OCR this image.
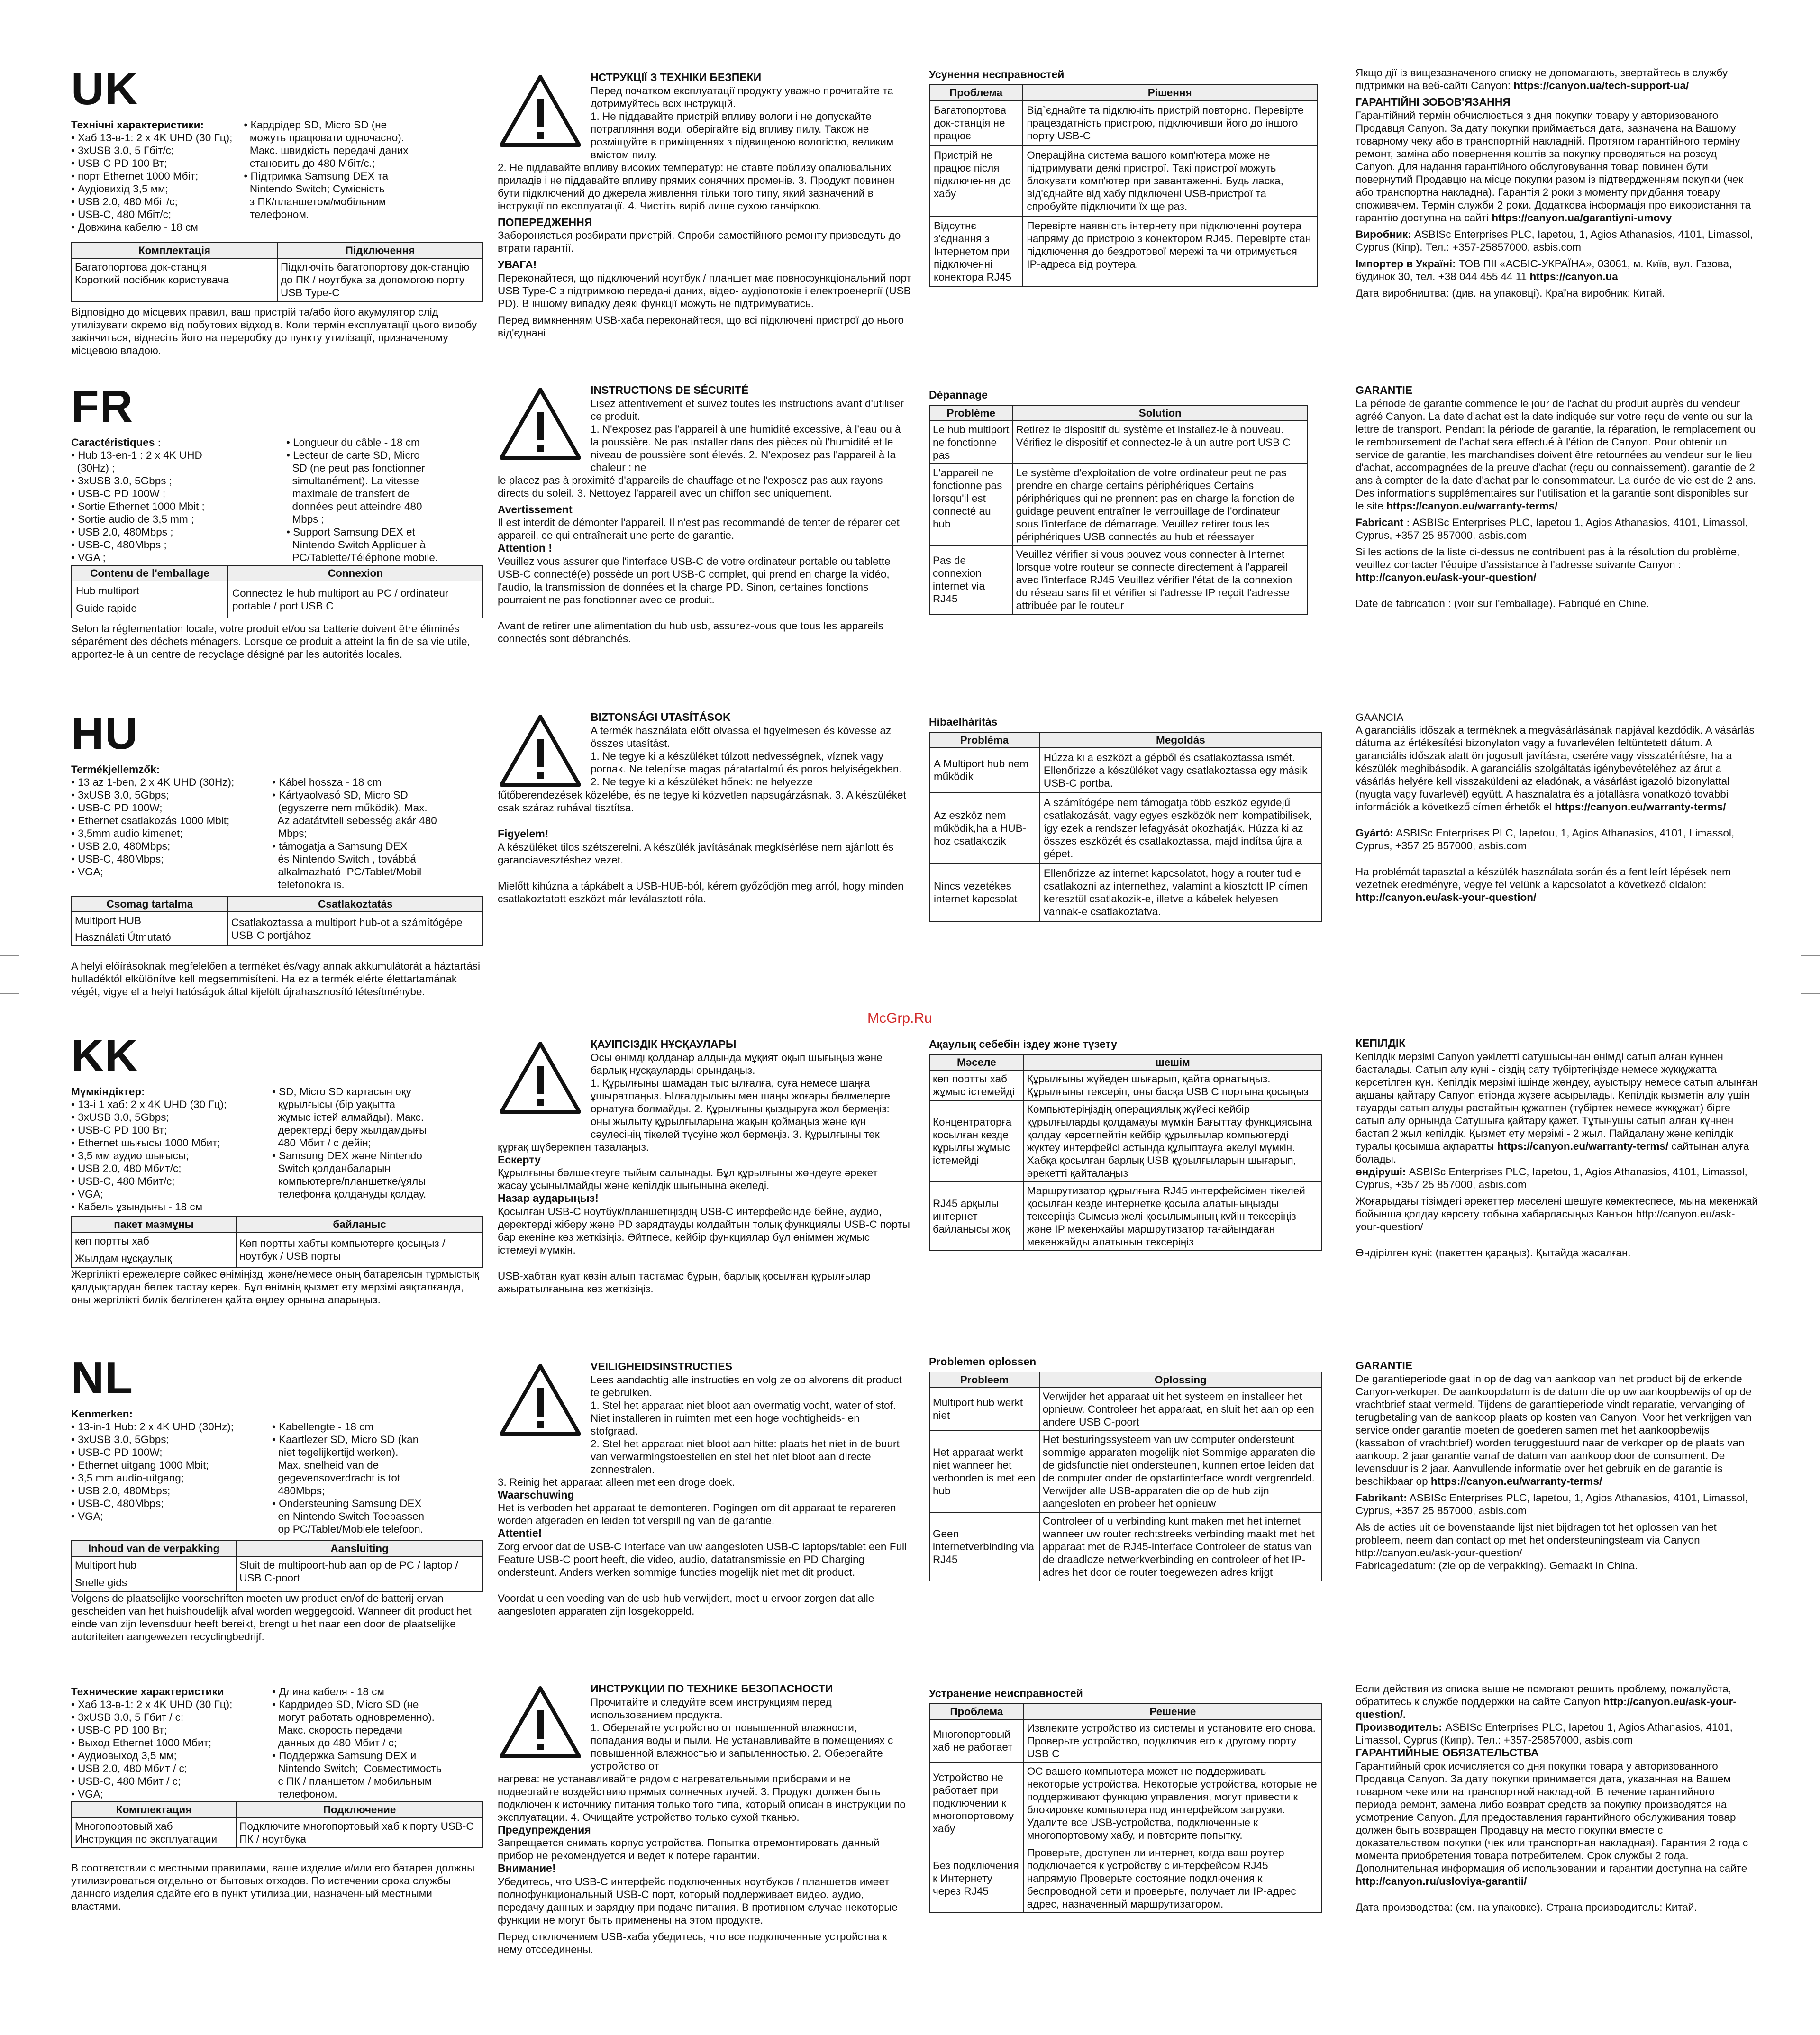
McGrp.Ru
UK
Технічні характеристики:
• Хаб 13-в-1: 2 х 4K UHD (30 Гц);
• 3хUSB 3.0, 5 Гбіт/с;
• USB-C PD 100 Вт;
• порт Ethernet 1000 Мбіт;
• Аудіовихід 3,5 мм;
• USB 2.0, 480 Мбіт/с;
• USB-C, 480 Мбіт/с;
• Довжина кабелю - 18 см
• Кардрідер SD, Micro SD (не
можуть працювати одночасно).
Макс. швидкість передачі даних
становить до 480 Мбіт/с.;
• Підтримка Samsung DEX та
Nintendo Switch; Сумісність
з ПК/планшетом/мобільним
телефоном.
Комплектація	Підключення

Багатопортова док-станція
Короткий посібник користувача	Підключіть багатопортову док-станцію до ПК / ноутбука за допомогою порту USB Type-C
Відповідно до місцевих правил, ваш пристрій та/або його акумулятор слід утилізувати окремо від побутових відходів. Коли термін експлуатації цього виробу закінчиться, віднесіть його на переробку до пункту утилізації, призначеному місцевою владою.
НСТРУКЦІЇ З ТЕХНІКИ БЕЗПЕКИ
Перед початком експлуатації продукту уважно прочитайте та дотримуйтесь всіх інструкцій.
1. Не піддавайте пристрій впливу вологи і не допускайте потрапляння води, оберігайте від впливу пилу. Також не розміщуйте в приміщеннях з підвищеною вологістю, великим вмістом пилу.
2. Не піддавайте впливу високих температур: не ставте поблизу опалювальних приладів і не піддавайте впливу прямих сонячних променів. 3. Продукт повинен бути підключений до джерела живлення тільки того типу, який зазначений в інструкції по експлуатації. 4. Чистіть виріб лише сухою ганчіркою.
ПОПЕРЕДЖЕННЯ
Забороняється розбирати пристрій. Спроби самостійного ремонту призведуть до втрати гарантії.
УВАГА!
Переконайтеся, що підключений ноутбук / планшет має повнофункціональний порт USB Type-C з підтримкою передачі даних, відео- аудіопотоків і електроенергії (USB PD). В іншому випадку деякі функції можуть не підтримуватись.
Перед вимкненням USB-хаба переконайтеся, що всі підключені пристрої до нього від'єднані
Усунення несправностей
Проблема	Рішення
Багатопортова док-станція не працює	Від`єднайте та підключіть пристрій повторно. Перевірте працездатність пристрою, підключивши його до іншого порту USB-C
Пристрій не працює після підключення до хабу	Операційна система вашого комп'ютера може не підтримувати деякі пристрої. Такі пристрої можуть блокувати комп'ютер при завантаженні. Будь ласка, від'єднайте від хабу підключені USB-пристрої та спробуйте підключити їх ще раз.
Відсутнє з'єднання з Інтернетом при підключенні конектора RJ45	Перевірте наявність інтернету при підключенні роутера напряму до пристрою з конектором RJ45. Перевірте стан підключення до бездротової мережі та чи отримується IP-адреса від роутера.
Якщо дії із вищезазначеного списку не допомагають, звертайтесь в службу підтримки на веб-сайті Canyon: https://canyon.ua/tech-support-ua/
ГАРАНТІЙНІ ЗОБОВ'ЯЗАННЯ
Гарантійний термін обчислюється з дня покупки товару у авторизованого Продавця Canyon. За дату покупки приймається дата, зазначена на Вашому товарному чеку або в транспортній накладній. Протягом гарантійного терміну ремонт, заміна або повернення коштів за покупку проводяться на розсуд Canyon. Для надання гарантійного обслуговування товар повинен бути повернутий Продавцю на місце покупки разом із підтвердженням покупки (чек або транспортна накладна). Гарантія 2 роки з моменту придбання товару споживачем. Термін служби 2 роки. Додаткова інформація про використання та гарантію доступна на сайті https://canyon.ua/garantiyni-umovy
Виробник: ASBISc Enterprises PLC, Iapetou, 1, Agios Athanasios, 4101, Limassol, Cyprus (Кіпр). Тел.: +357-25857000, asbis.com
Імпортер в Україні: ТОВ ПІІ «АСБІС-УКРАЇНА», 03061, м. Київ, вул. Газова, будинок 30, тел. +38 044 455 44 11 https://canyon.ua
Дата виробництва: (див. на упаковці). Країна виробник: Китай.
FR
Caractéristiques :
• Hub 13-en-1 : 2 x 4K UHD
(30Hz) ;
• 3xUSB 3.0, 5Gbps ;
• USB-C PD 100W ;
• Sortie Ethernet 1000 Mbit ;
• Sortie audio de 3,5 mm ;
• USB 2.0, 480Mbps ;
• USB-C, 480Mbps ;
• VGA ;
• Longueur du câble - 18 cm
• Lecteur de carte SD, Micro
SD (ne peut pas fonctionner
simultanément). La vitesse
maximale de transfert de
données peut atteindre 480
Mbps ;
• Support Samsung DEX et
Nintendo Switch Appliquer à
PC/Tablette/Téléphone mobile.
Contenu de l'emballage	Connexion

Hub multiport
Guide rapide	Connectez le hub multiport au PC / ordinateur portable / port USB C
Selon la réglementation locale, votre produit et/ou sa batterie doivent être éliminés séparément des déchets ménagers. Lorsque ce produit a atteint la fin de sa vie utile, apportez-le à un centre de recyclage désigné par les autorités locales.
INSTRUCTIONS DE SÉCURITÉ
Lisez attentivement et suivez toutes les instructions avant d'utiliser ce produit.
1. N'exposez pas l'appareil à une humidité excessive, à l'eau ou à la poussière. Ne pas installer dans des pièces où l'humidité et le niveau de poussière sont élevés. 2. N'exposez pas l'appareil à la chaleur : ne
le placez pas à proximité d'appareils de chauffage et ne l'exposez pas aux rayons directs du soleil. 3. Nettoyez l'appareil avec un chiffon sec uniquement.
Avertissement
Il est interdit de démonter l'appareil. Il n'est pas recommandé de tenter de réparer cet appareil, ce qui entraînerait une perte de garantie.
Attention !
Veuillez vous assurer que l'interface USB-C de votre ordinateur portable ou tablette USB-C connecté(e) possède un port USB-C complet, qui prend en charge la vidéo, l'audio, la transmission de données et la charge PD. Sinon, certaines fonctions pourraient ne pas fonctionner avec ce produit.
Avant de retirer une alimentation du hub usb, assurez-vous que tous les appareils connectés sont débranchés.
Dépannage
Problème	Solution
Le hub multiport ne fonctionne pas	Retirez le dispositif du système et installez-le à nouveau. Vérifiez le dispositif et connectez-le à un autre port USB C
L'appareil ne fonctionne pas lorsqu'il est connecté au hub	Le système d'exploitation de votre ordinateur peut ne pas prendre en charge certains périphériques Certains périphériques qui ne prennent pas en charge la fonction de guidage peuvent entraîner le verrouillage de l'ordinateur sous l'interface de démarrage. Veuillez retirer tous les périphériques USB connectés au hub et réessayer
Pas de connexion internet via RJ45	Veuillez vérifier si vous pouvez vous connecter à Internet lorsque votre routeur se connecte directement à l'appareil avec l'interface RJ45 Veuillez vérifier l'état de la connexion du réseau sans fil et vérifier si l'adresse IP reçoit l'adresse attribuée par le routeur
GARANTIE
La période de garantie commence le jour de l'achat du produit auprès du vendeur agréé Canyon. La date d'achat est la date indiquée sur votre reçu de vente ou sur la lettre de transport. Pendant la période de garantie, la réparation, le remplacement ou le remboursement de l'achat sera effectué à l'étion de Canyon. Pour obtenir un service de garantie, les marchandises doivent être retournées au vendeur sur le lieu d'achat, accompagnées de la preuve d'achat (reçu ou connaissement). garantie de 2 ans à compter de la date d'achat par le consommateur. La durée de vie est de 2 ans. Des informations supplémentaires sur l'utilisation et la garantie sont disponibles sur le site https://canyon.eu/warranty-terms/
Fabricant : ASBISc Enterprises PLC, Iapetou 1, Agios Athanasios, 4101, Limassol, Cyprus, +357 25 857000, asbis.com
Si les actions de la liste ci-dessus ne contribuent pas à la résolution du problème, veuillez contacter l'équipe d'assistance à l'adresse suivante Canyon : http://canyon.eu/ask-your-question/
Date de fabrication : (voir sur l'emballage). Fabriqué en Chine.
HU
Termékjellemzők:
• 13 az 1-ben, 2 x 4K UHD (30Hz);
• 3xUSB 3.0, 5Gbps;
• USB-C PD 100W;
• Ethernet csatlakozás 1000 Mbit;
• 3,5mm audio kimenet;
• USB 2.0, 480Mbps;
• USB-C, 480Mbps;
• VGA;
• Kábel hossza - 18 cm
• Kártyaolvasó SD, Micro SD
(egyszerre nem működik). Max.
Az adatátviteli sebesség akár 480
Mbps;
• támogatja a Samsung DEX
és Nintendo Switch , továbbá
alkalmazható  PC/Tablet/Mobil
telefonokra is.
Csomag tartalma	Csatlakoztatás

Multiport HUB
Használati Útmutató	Csatlakoztassa a multiport hub-ot a számítógépe USB-C portjához
A helyi előírásoknak megfelelően a terméket és/vagy annak akkumulátorát a háztartási hulladéktól elkülönítve kell megsemmisíteni. Ha ez a termék elérte élettartamának végét, vigye el a helyi hatóságok által kijelölt újrahasznosító létesítménybe.
BIZTONSÁGI UTASÍTÁSOK
A termék használata előtt olvassa el figyelmesen és kövesse az összes utasítást.
1. Ne tegye ki a készüléket túlzott nedvességnek, víznek vagy pornak. Ne telepítse magas páratartalmú és poros helyiségekben.
2. Ne tegye ki a készüléket hőnek: ne helyezze
fűtőberendezések közelébe, és ne tegye ki közvetlen napsugárzásnak. 3. A készüléket csak száraz ruhával tisztítsa.
Figyelem!
A készüléket tilos szétszerelni. A készülék javításának megkísérlése nem ajánlott és garanciavesztéshez vezet.
Mielőtt kihúzna a tápkábelt a USB-HUB-ból, kérem győződjön meg arról, hogy minden csatlakoztatott eszközt már leválasztott róla.
Hibaelhárítás
Probléma	Megoldás
A Multiport hub nem működik	Húzza ki a eszközt a gépből és csatlakoztassa ismét. Ellenőrizze a készüléket vagy csatlakoztassa egy másik USB-C portba.
Az eszköz nem működik,ha a HUB-hoz csatlakozik	A számítógépe nem támogatja több eszköz egyidejű csatlakozását, vagy egyes eszközök nem kompatibilisek, így ezek a rendszer lefagyását okozhatják. Húzza ki az összes eszközét és csatlakoztassa, majd indítsa újra a gépet.
Nincs vezetékes internet kapcsolat	Ellenőrizze az internet kapcsolatot, hogy a router tud e csatlakozni az internethez, valamint a kiosztott IP címen keresztül csatlakozik-e, illetve a kábelek helyesen vannak-e csatlakoztatva.
GAANCIA
A garanciális időszak a terméknek a megvásárlásának napjával kezdődik. A vásárlás dátuma az értékesítési bizonylaton vagy a fuvarlevélen feltüntetett dátum. A garanciális időszak alatt ön jogosult javításra, cserére vagy visszatérítésre, ha a készülék meghibásodik. A garanciális szolgáltatás igénybevételéhez az árut a vásárlás helyére kell visszaküldeni az eladónak, a vásárlást igazoló bizonylattal (nyugta vagy fuvarlevél) együtt. A használatra és a jótállásra vonatkozó további információk a következő címen érhetők el https://canyon.eu/warranty-terms/
Gyártó: ASBISc Enterprises PLC, Iapetou, 1, Agios Athanasios, 4101, Limassol, Cyprus, +357 25 857000, asbis.com
Ha problémát tapasztal a készülék használata során és a fent leírt lépések nem vezetnek eredményre, vegye fel velünk a kapcsolatot a következő oldalon: http://canyon.eu/ask-your-question/
KK
Мүмкіндіктер:
• 13-і 1 хаб: 2 x 4K UHD (30 Гц);
• 3xUSB 3.0, 5Gbps;
• USB-C PD 100 Вт;
• Ethernet шығысы 1000 Мбит;
• 3,5 мм аудио шығысы;
• USB 2.0, 480 Мбит/с;
• USB-C, 480 Мбит/с;
• VGA;
• Кабель ұзындығы - 18 см
• SD, Micro SD картасын оқу
құрылғысы (бір уақытта
жұмыс істей алмайды). Макс.
деректерді беру жылдамдығы
480 Мбит / с дейін;
• Samsung DEX және Nintendo
Switch қолданбаларын
компьютерге/планшетке/ұялы
телефонға қолдануды қолдау.
пакет мазмұны	байланыс

көп портты хаб
Жылдам нұсқаулық	Көп портты хабты компьютерге қосыңыз / ноутбук / USB порты
Жергілікті ережелерге сәйкес өніміңізді және/немесе оның батареясын тұрмыстық қалдықтардан бөлек тастау керек. Бұл өнімнің қызмет ету мерзімі аяқталғанда, оны жергілікті билік белгілеген қайта өңдеу орнына апарыңыз.
ҚАУІПСІЗДІК НҰСҚАУЛАРЫ
Осы өнімді қолданар алдында мұқият оқып шығыңыз және барлық нұсқауларды орындаңыз.
1. Құрылғыны шамадан тыс ылғалға, суға немесе шаңға ұшыратпаңыз. Ылғалдылығы мен шаңы жоғары бөлмелерге орнатуға болмайды. 2. Құрылғыны қыздыруға жол бермеңіз: оны жылыту құрылғыларына жақын қоймаңыз және күн сәулесінің тікелей түсуіне жол бермеңіз. 3. Құрылғыны тек
құрғақ шүберекпен тазалаңыз.
Ескерту
Құрылғыны бөлшектеуге тыйым салынады. Бұл құрылғыны жөндеуге әрекет жасау ұсынылмайды және кепілдік шығынына әкеледі.
Назар аударыңыз!
Қосылған USB-C ноутбук/планшетіңіздің USB-C интерфейсінде бейне, аудио, деректерді жіберу және PD зарядтауды қолдайтын толық функциялы USB-C порты бар екеніне көз жеткізіңіз. Әйтпесе, кейбір функциялар бұл өніммен жұмыс істемеуі мүмкін.
USB-хабтан қуат көзін алып тастамас бұрын, барлық қосылған құрылғылар ажыратылғанына көз жеткізіңіз.
Ақаулық себебін іздеу және түзету
Мәселе	шешім
көп портты хаб жұмыс істемейді	Құрылғыны жүйеден шығарып, қайта орнатыңыз. Құрылғыны тексеріп, оны басқа USB C портына қосыңыз
Концентраторға қосылған кезде құрылғы жұмыс істемейді	Компьютеріңіздің операциялық жүйесі кейбір құрылғыларды қолдамауы мүмкін Бағыттау функциясына қолдау көрсетпейтін кейбір құрылғылар компьютерді жүктеу интерфейсі астында құлыптауға әкелуі мүмкін. Хабқа қосылған барлық USB құрылғыларын шығарып, әрекетті қайталаңыз
RJ45 арқылы интернет байланысы жоқ	Маршрутизатор құрылғыға RJ45 интерфейсімен тікелей қосылған кезде интернетке қосыла алатыныңызды тексеріңіз Сымсыз желі қосылымының күйін тексеріңіз және IP мекенжайы маршрутизатор тағайындаған мекенжайды алатынын тексеріңіз
КЕПІЛДІК
Кепілдік мерзімі Canyon уәкілетті сатушысынан өнімді сатып алған күннен басталады. Сатып алу күні - сіздің сату түбіртегіңізде немесе жүкқұжатта көрсетілген күн. Кепілдік мерзімі ішінде жөндеу, ауыстыру немесе сатып алынған ақшаны қайтару Canyon етіонда жүзеге асырылады. Кепілдік қызметін алу үшін тауарды сатып алуды растайтын құжатпен (түбіртек немесе жүкқұжат) бірге сатып алу орнында Сатушыға қайтару қажет. Тұтынушы сатып алған күннен бастап 2 жыл кепілдік. Қызмет ету мерзімі - 2 жыл. Пайдалану және кепілдік туралы қосымша ақпаратты https://canyon.eu/warranty-terms/ сайтынан алуға болады.
өндіруші: ASBISc Enterprises PLC, Iapetou, 1, Agios Athanasios, 4101, Limassol, Cyprus, +357 25 857000, asbis.com
Жоғарыдағы тізімдегі әрекеттер мәселені шешуге көмектеспесе, мына мекенжай бойынша қолдау көрсету тобына хабарласыңыз Канъон http://canyon.eu/ask-your-question/
Өндірілген күні: (пакеттен қараңыз). Қытайда жасалған.
NL
Kenmerken:
• 13-in-1 Hub: 2 x 4K UHD (30Hz);
• 3xUSB 3.0, 5Gbps;
• USB-C PD 100W;
• Ethernet uitgang 1000 Mbit;
• 3,5 mm audio-uitgang;
• USB 2.0, 480Mbps;
• USB-C, 480Mbps;
• VGA;
• Kabellengte - 18 cm
• Kaartlezer SD, Micro SD (kan
niet tegelijkertijd werken).
Max. snelheid van de
gegevensoverdracht is tot
480Mbps;
• Ondersteuning Samsung DEX
en Nintendo Switch Toepassen
op PC/Tablet/Mobiele telefoon.
Inhoud van de verpakking	Aansluiting

Multiport hub
Snelle gids	Sluit de multipoort-hub aan op de PC / laptop / USB C-poort
Volgens de plaatselijke voorschriften moeten uw product en/of de batterij ervan gescheiden van het huishoudelijk afval worden weggegooid. Wanneer dit product het einde van zijn levensduur heeft bereikt, brengt u het naar een door de plaatselijke autoriteiten aangewezen recyclingbedrijf.
VEILIGHEIDSINSTRUCTIES
Lees aandachtig alle instructies en volg ze op alvorens dit product te gebruiken.
1. Stel het apparaat niet bloot aan overmatig vocht, water of stof. Niet installeren in ruimten met een hoge vochtigheids- en stofgraad.
2. Stel het apparaat niet bloot aan hitte: plaats het niet in de buurt van verwarmingstoestellen en stel het niet bloot aan directe zonnestralen.
3. Reinig het apparaat alleen met een droge doek.
Waarschuwing
Het is verboden het apparaat te demonteren. Pogingen om dit apparaat te repareren worden afgeraden en leiden tot verspilling van de garantie.
Attentie!
Zorg ervoor dat de USB-C interface van uw aangesloten USB-C laptops/tablet een Full Feature USB-C poort heeft, die video, audio, datatransmissie en PD Charging ondersteunt. Anders werken sommige functies mogelijk niet met dit product.
Voordat u een voeding van de usb-hub verwijdert, moet u ervoor zorgen dat alle aangesloten apparaten zijn losgekoppeld.
Problemen oplossen
Probleem	Oplossing
Multiport hub werkt niet	Verwijder het apparaat uit het systeem en installeer het opnieuw. Controleer het apparaat, en sluit het aan op een andere USB C-poort
Het apparaat werkt niet wanneer het verbonden is met een hub	Het besturingssysteem van uw computer ondersteunt sommige apparaten mogelijk niet Sommige apparaten die de gidsfunctie niet ondersteunen, kunnen ertoe leiden dat de computer onder de opstartinterface wordt vergrendeld. Verwijder alle USB-apparaten die op de hub zijn aangesloten en probeer het opnieuw
Geen internetverbinding via RJ45	Controleer of u verbinding kunt maken met het internet wanneer uw router rechtstreeks verbinding maakt met het apparaat met de RJ45-interface Controleer de status van de draadloze netwerkverbinding en controleer of het IP-adres het door de router toegewezen adres krijgt
GARANTIE
De garantieperiode gaat in op de dag van aankoop van het product bij de erkende Canyon-verkoper. De aankoopdatum is de datum die op uw aankoopbewijs of op de vrachtbrief staat vermeld. Tijdens de garantieperiode vindt reparatie, vervanging of terugbetaling van de aankoop plaats op kosten van Canyon. Voor het verkrijgen van service onder garantie moeten de goederen samen met het aankoopbewijs (kassabon of vrachtbrief) worden teruggestuurd naar de verkoper op de plaats van aankoop. 2 jaar garantie vanaf de datum van aankoop door de consument. De levensduur is 2 jaar. Aanvullende informatie over het gebruik en de garantie is beschikbaar op https://canyon.eu/warranty-terms/
Fabrikant: ASBISc Enterprises PLC, Iapetou, 1, Agios Athanasios, 4101, Limassol, Cyprus, +357 25 857000, asbis.com
Als de acties uit de bovenstaande lijst niet bijdragen tot het oplossen van het probleem, neem dan contact op met het ondersteuningsteam via Canyon http://canyon.eu/ask-your-question/
Fabricagedatum: (zie op de verpakking). Gemaakt in China.
Технические характеристики
• Хаб 13-в-1: 2 х 4K UHD (30 Гц);
• 3xUSB 3.0, 5 Гбит / с;
• USB-C PD 100 Вт;
• Выход Ethernet 1000 Мбит;
• Аудиовыход 3,5 мм;
• USB 2.0, 480 Мбит / с;
• USB-C, 480 Мбит / с;
• VGA;
• Длина кабеля - 18 см
• Кардридер SD, Micro SD (не
могут работать одновременно).
Макс. скорость передачи
данных до 480 Мбит / с;
• Поддержка Samsung DEX и
Nintendo Switch;  Совместимость
с ПК / планшетом / мобильным
телефоном.
Комплектация	Подключение

Многопортовый хаб
Инструкция по эксплуатации	Подключите многопортовый хаб к порту USB-C ПК / ноутбука
В соответствии с местными правилами, ваше изделие и/или его батарея должны утилизироваться отдельно от бытовых отходов. По истечении срока службы данного изделия сдайте его в пункт утилизации, назначенный местными властями.
ИНСТРУКЦИИ ПО ТЕХНИКЕ БЕЗОПАСНОСТИ
Прочитайте и следуйте всем инструкциям перед использованием продукта.
1. Оберегайте устройство от повышенной влажности, попадания воды и пыли. Не устанавливайте в помещениях с повышенной влажностью и запыленностью. 2. Оберегайте устройство от
нагрева: не устанавливайте рядом с нагревательными приборами и не подвергайте воздействию прямых солнечных лучей. 3. Продукт должен быть подключен к источнику питания только того типа, который описан в инструкции по эксплуатации. 4. Очищайте устройство только сухой тканью.
Предупреждения
Запрещается снимать корпус устройства. Попытка отремонтировать данный прибор не рекомендуется и ведет к потере гарантии.
Внимание!
Убедитесь, что USB-C интерфейс подключенных ноутбуков / планшетов имеет полнофункциональный USB-C порт, который поддерживает видео, аудио, передачу данных и зарядку при подаче питания. В противном случае некоторые функции не могут быть применены на этом продукте.
Перед отключением USB-хаба убедитесь, что все подключенные устройства к нему отсоединены.
Устранение неисправностей
Проблема	Решение
Многопортовый хаб не работает	Извлеките устройство из системы и установите его снова. Проверьте устройство, подключив его к другому порту USB C
Устройство не работает при подключении к многопортовому хабу	ОС вашего компьютера может не поддерживать некоторые устройства. Некоторые устройства, которые не поддерживают функцию управления, могут привести к блокировке компьютера под интерфейсом загрузки. Удалите все USB-устройства, подключенные к многопортовому хабу, и повторите попытку.
Без подключения к Интернету через RJ45	Проверьте, доступен ли интернет, когда ваш роутер подключается к устройству с интерфейсом RJ45 напрямую Проверьте состояние подключения к беспроводной сети и проверьте, получает ли IP-адрес адрес, назначенный маршрутизатором.
Если действия из списка выше не помогают решить проблему, пожалуйста, обратитесь к службе поддержки на сайте Canyon http://canyon.eu/ask-your-question/.
Производитель: ASBISc Enterprises PLC, Iapetou 1, Agios Athanasios, 4101, Limassol, Cyprus (Кипр). Тел.: +357-25857000, asbis.com
ГАРАНТИЙНЫЕ ОБЯЗАТЕЛЬСТВА
Гарантийный срок исчисляется со дня покупки товара у авторизованного Продавца Canyon. За дату покупки принимается дата, указанная на Вашем товарном чеке или на транспортной накладной. В течение гарантийного периода ремонт, замена либо возврат средств за покупку производятся на усмотрение Canyon. Для предоставления гарантийного обслуживания товар должен быть возвращен Продавцу на место покупки вместе с доказательством покупки (чек или транспортная накладная). Гарантия 2 года с момента приобретения товара потребителем. Срок службы 2 года. Дополнительная информация об использовании и гарантии доступна на сайте http://canyon.ru/usloviya-garantii/
Дата производства: (см. на упаковке). Страна производитель: Китай.
